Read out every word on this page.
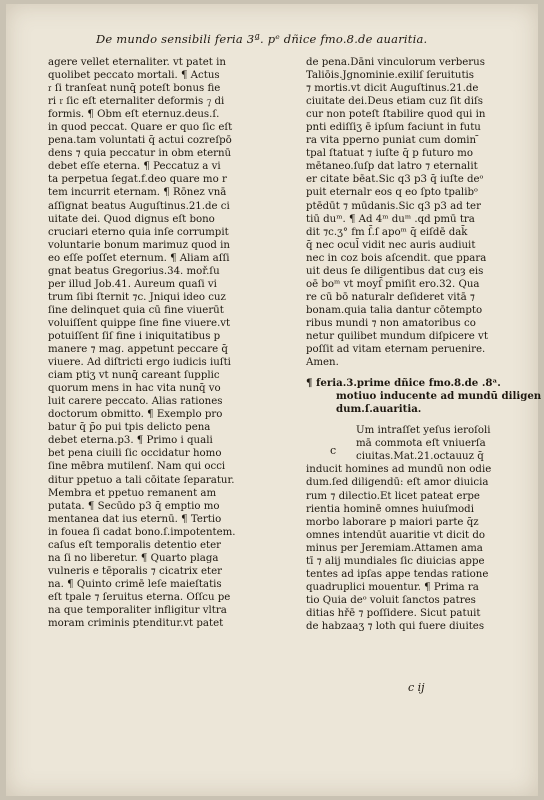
De mundo sensibili feria 3ª. pᵉ dñice fmo.8.de auaritia.
agere vellet eternaliter. vt patet in
quolibet peccato mortali. ¶ Actus
𝔯 ſi tranſeat nunq̄ poteſt bonus fie
ri 𝔯 ſic eſt eternaliter deformis ⁊ di
formis. ¶ Obm eſt eternuz.deus.ſ.
in quod peccat. Quare er quo ſic eſt
pena.tam voluntati q̄ actui cozreſpō
dens ⁊ quia peccatur in obm eternū
debet eſſe eterna. ¶ Peccatuz a vi
ta perpetua ſegat.f.deo quare mo r
tem incurrit eternam. ¶ Rōnez vnā
aſſignat beatus Auguſtinus.21.de ci
uitate dei. Quod dignus eſt bono
cruciari eterno quia inſe corrumpit
voluntarie bonum marimuz quod in
eo eſſe poſſet eternum. ¶ Aliam aſſi
gnat beatus Gregorius.34. moř.ſu
per illud Job.41. Aureum quaſi vi
trum ſibi ſternit ⁊c. Jniqui ideo cuz
ſine delinquet quia cū fine viuerūt
voluiſſent quippe ſine fine viuere.vt
potuiſſent ſiſ fine i iniquitatibus p
manere ⁊ mag. appetunt peccare q̄
viuere. Ad diſtricti ergo iudicis iuſti
ciam ptiʒ vt nunq̄ careant ſupplic
quorum mens in hac vita nunq̄ vo
luit carere peccato. Alias rationes
doctorum obmitto. ¶ Exemplo pro
batur q̄ p̄o pui tpis delicto pena
debet eterna.p3. ¶ Primo i quali
bet pena ciuili ſic occidatur homo
ſine mēbra mutilenſ. Nam qui occi
ditur ppetuo a tali cōitate ſeparatur.
Membra et ppetuo remanent am
putata. ¶ Secūdo p3 q̄ emptio mo
mentanea dat ius eternū. ¶ Tertio
in fouea ſi cadat bono.ſ.impotentem.
caſus eſt temporalis detentio eter
na ſi no liberetur. ¶ Quarto plaga
vulneris e tēporalis ⁊ cicatrix eter
na. ¶ Quinto crimē leſe maieſtatis
eſt tpale ⁊ ſeruitus eterna. Oſſcu pe
na que temporaliter infligitur vltra
moram criminis ptenditur.vt patet
de pena.Dāni vinculorum verberus
Taliōis.Jgnominie.exiliſ ſeruitutis
⁊ mortis.vt dicit Auguſtinus.21.de
ciuitate dei.Deus etiam cuz ſit diſs
cur non poteſt ſtabilire quod qui in
pnti ediſſiʒ ē ipſum faciunt in futu
ra vita pperno puniat cum domin ̄
tpal ſtatuat ⁊ iuſte q̄ p futuro mo
mētaneo.ſuſp dat latro ⁊ eternalit
er citate bēat.Sic q3 p3 q̄ iuſte deᵒ
puit eternalr eos q eo ſpto tpalibᵒ
ptēdūt ⁊ mūdanis.Sic q3 p3 ad ter
tiū duᵐ. ¶ Ad 4ᵐ duᵐ .qd pmū tra
dit ⁊c.ʒ° fm ſ̄.ſ apoᵐ q̄ eiſdē dak̄
q̄ nec ocul̄ vidit nec auris audiuit
nec in coz bois aſcendit. que ppara
uit deus ſe diligentibus dat cuȝ eis
oē boᵐ vt moyſ̄ pmiſit ero.32. Qua
re cū bō naturalr deſideret vitā ⁊
bonam.quia talia dantur cōtempto
ribus mundi ⁊ non amatoribus co
netur quilibet mundum diſpicere vt
poſſit ad vitam eternam peruenire.
Amen.
¶ feria.3.prime dñice fmo.8.de .8ᵃ.
motiuo inducente ad mundū diligen
dum.ſ.auaritia.
c
Um intraſſet yeſus ieroſoli
mā commota eſt vniuerſa
ciuitas.Mat.21.octauuz q̄
inducit homines ad mundū non odie
dum.ſed diligendū: eſt amor diuicia
rum ⁊ dilectio.Et licet pateat erpe
rientia hominē omnes huiuſmodi
morbo laborare p maiori parte q̄z
omnes intendūt auaritie vt dicit do
minus per Jeremiam.Attamen ama
tī ⁊ alij mundiales ſic diuicias appe
tentes ad ipſas appe tendas ratione
quadruplici mouentur. ¶ Prima ra
tio Quia deᵒ voluit ſanctos patres
ditias hřē ⁊ poſſidere. Sicut patuit
de habzaaʒ ⁊ loth qui fuere diuites
c ij
